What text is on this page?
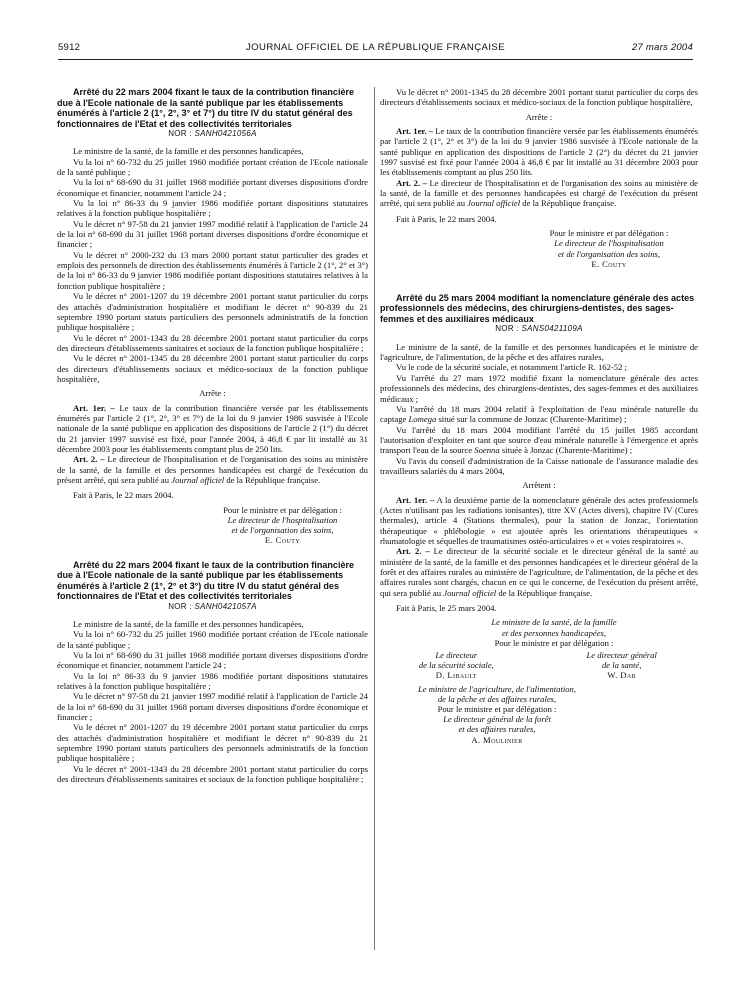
5912	JOURNAL OFFICIEL DE LA RÉPUBLIQUE FRANÇAISE	27 mars 2004

Arrêté du 22 mars 2004 fixant le taux de la contribution financière due à l'Ecole nationale de la santé publique par les établissements énumérés à l'article 2 (1°, 2°, 3° et 7°) du titre IV du statut général des fonctionnaires de l'Etat et des collectivités territoriales

NOR : SANH0421056A

Le ministre de la santé, de la famille et des personnes handicapées,

Vu la loi n° 60-732 du 25 juillet 1960 modifiée portant création de l'Ecole nationale de la santé publique ;

Vu la loi n° 68-690 du 31 juillet 1968 modifiée portant diverses dispositions d'ordre économique et financier, notamment l'article 24 ;

Vu la loi n° 86-33 du 9 janvier 1986 modifiée portant dispositions statutaires relatives à la fonction publique hospitalière ;

Vu le décret n° 97-58 du 21 janvier 1997 modifié relatif à l'application de l'article 24 de la loi n° 68-690 du 31 juillet 1968 portant diverses dispositions d'ordre économique et financier ;

Vu le décret n° 2000-232 du 13 mars 2000 portant statut particulier des grades et emplois des personnels de direction des établissements énumérés à l'article 2 (1°, 2° et 3°) de la loi n° 86-33 du 9 janvier 1986 modifiée portant dispositions statutaires relatives à la fonction publique hospitalière ;

Vu le décret n° 2001-1207 du 19 décembre 2001 portant statut particulier du corps des attachés d'administration hospitalière et modifiant le décret n° 90-839 du 21 septembre 1990 portant statuts particuliers des personnels administratifs de la fonction publique hospitalière ;

Vu le décret n° 2001-1343 du 28 décembre 2001 portant statut particulier du corps des directeurs d'établissements sanitaires et sociaux de la fonction publique hospitalière ;

Vu le décret n° 2001-1345 du 28 décembre 2001 portant statut particulier du corps des directeurs d'établissements sociaux et médico-sociaux de la fonction publique hospitalière,

Arrête :

Art. 1er. – Le taux de la contribution financière versée par les établissements énumérés par l'article 2 (1°, 2°, 3° et 7°) de la loi du 9 janvier 1986 susvisée à l'Ecole nationale de la santé publique en application des dispositions de l'article 2 (1°) du décret du 21 janvier 1997 susvisé est fixé, pour l'année 2004, à 46,8 € par lit installé au 31 décembre 2003 pour les établissements comptant plus de 250 lits.

Art. 2. – Le directeur de l'hospitalisation et de l'organisation des soins au ministère de la santé, de la famille et des personnes handicapées est chargé de l'exécution du présent arrêté, qui sera publié au Journal officiel de la République française.

Fait à Paris, le 22 mars 2004.

Pour le ministre et par délégation :
Le directeur de l'hospitalisation
et de l'organisation des soins,
E. Couty

Arrêté du 22 mars 2004 fixant le taux de la contribution financière due à l'Ecole nationale de la santé publique par les établissements énumérés à l'article 2 (1°, 2° et 3°) du titre IV du statut général des fonctionnaires de l'Etat et des collectivités territoriales

NOR : SANH0421057A

Le ministre de la santé, de la famille et des personnes handicapées,

Vu la loi n° 60-732 du 25 juillet 1960 modifiée portant création de l'Ecole nationale de la santé publique ;

Vu la loi n° 68-690 du 31 juillet 1968 modifiée portant diverses dispositions d'ordre économique et financier, notamment l'article 24 ;

Vu la loi n° 86-33 du 9 janvier 1986 modifiée portant dispositions statutaires relatives à la fonction publique hospitalière ;

Vu le décret n° 97-58 du 21 janvier 1997 modifié relatif à l'application de l'article 24 de la loi n° 68-690 du 31 juillet 1968 portant diverses dispositions d'ordre économique et financier ;

Vu le décret n° 2001-1207 du 19 décembre 2001 portant statut particulier du corps des attachés d'administration hospitalière et modifiant le décret n° 90-839 du 21 septembre 1990 portant statuts particuliers des personnels administratifs de la fonction publique hospitalière ;

Vu le décret n° 2001-1343 du 28 décembre 2001 portant statut particulier du corps des directeurs d'établissements sanitaires et sociaux de la fonction publique hospitalière ;

Vu le décret n° 2001-1345 du 28 décembre 2001 portant statut particulier du corps des directeurs d'établissements sociaux et médico-sociaux de la fonction publique hospitalière,

Arrête :

Art. 1er. – Le taux de la contribution financière versée par les établissements énumérés par l'article 2 (1°, 2° et 3°) de la loi du 9 janvier 1986 susvisée à l'Ecole nationale de la santé publique en application des dispositions de l'article 2 (2°) du décret du 21 janvier 1997 susvisé est fixé pour l'année 2004 à 46,8 € par lit installé au 31 décembre 2003 pour les établissements comptant au plus 250 lits.

Art. 2. – Le directeur de l'hospitalisation et de l'organisation des soins au ministère de la santé, de la famille et des personnes handicapées est chargé de l'exécution du présent arrêté, qui sera publié au Journal officiel de la République française.

Fait à Paris, le 22 mars 2004.

Pour le ministre et par délégation :
Le directeur de l'hospitalisation
et de l'organisation des soins,
E. Couty

Arrêté du 25 mars 2004 modifiant la nomenclature générale des actes professionnels des médecins, des chirurgiens-dentistes, des sages-femmes et des auxiliaires médicaux

NOR : SANS0421109A

Le ministre de la santé, de la famille et des personnes handicapées et le ministre de l'agriculture, de l'alimentation, de la pêche et des affaires rurales,

Vu le code de la sécurité sociale, et notamment l'article R. 162-52 ;

Vu l'arrêté du 27 mars 1972 modifié fixant la nomenclature générale des actes professionnels des médecins, des chirurgiens-dentistes, des sages-femmes et des auxiliaires médicaux ;

Vu l'arrêté du 18 mars 2004 relatif à l'exploitation de l'eau minérale naturelle du captage Lomega situé sur la commune de Jonzac (Charente-Maritime) ;

Vu l'arrêté du 18 mars 2004 modifiant l'arrêté du 15 juillet 1985 accordant l'autorisation d'exploiter en tant que source d'eau minérale naturelle à l'émergence et après transport l'eau de la source Soenna située à Jonzac (Charente-Maritime) ;

Vu l'avis du conseil d'administration de la Caisse nationale de l'assurance maladie des travailleurs salariés du 4 mars 2004,

Arrêtent :

Art. 1er. – A la deuxième partie de la nomenclature générale des actes professionnels (Actes n'utilisant pas les radiations ionisantes), titre XV (Actes divers), chapitre IV (Cures thermales), article 4 (Stations thermales), pour la station de Jonzac, l'orientation thérapeutique « phlébologie » est ajoutée après les orientations thérapeutiques « rhumatologie et séquelles de traumatismes ostéo-articulaires » et « voies respiratoires ».

Art. 2. – Le directeur de la sécurité sociale et le directeur général de la santé au ministère de la santé, de la famille et des personnes handicapées et le directeur général de la forêt et des affaires rurales au ministère de l'agriculture, de l'alimentation, de la pêche et des affaires rurales sont chargés, chacun en ce qui le concerne, de l'exécution du présent arrêté, qui sera publié au Journal officiel de la République française.

Fait à Paris, le 25 mars 2004.

Le ministre de la santé, de la famille
et des personnes handicapées,
Pour le ministre et par délégation :
Le directeur
de la sécurité sociale,
D. Libault
Le directeur général
de la santé,
W. Dab
Le ministre de l'agriculture, de l'alimentation,
de la pêche et des affaires rurales,
Pour le ministre et par délégation :
Le directeur général de la forêt
et des affaires rurales,
A. Moulinier
